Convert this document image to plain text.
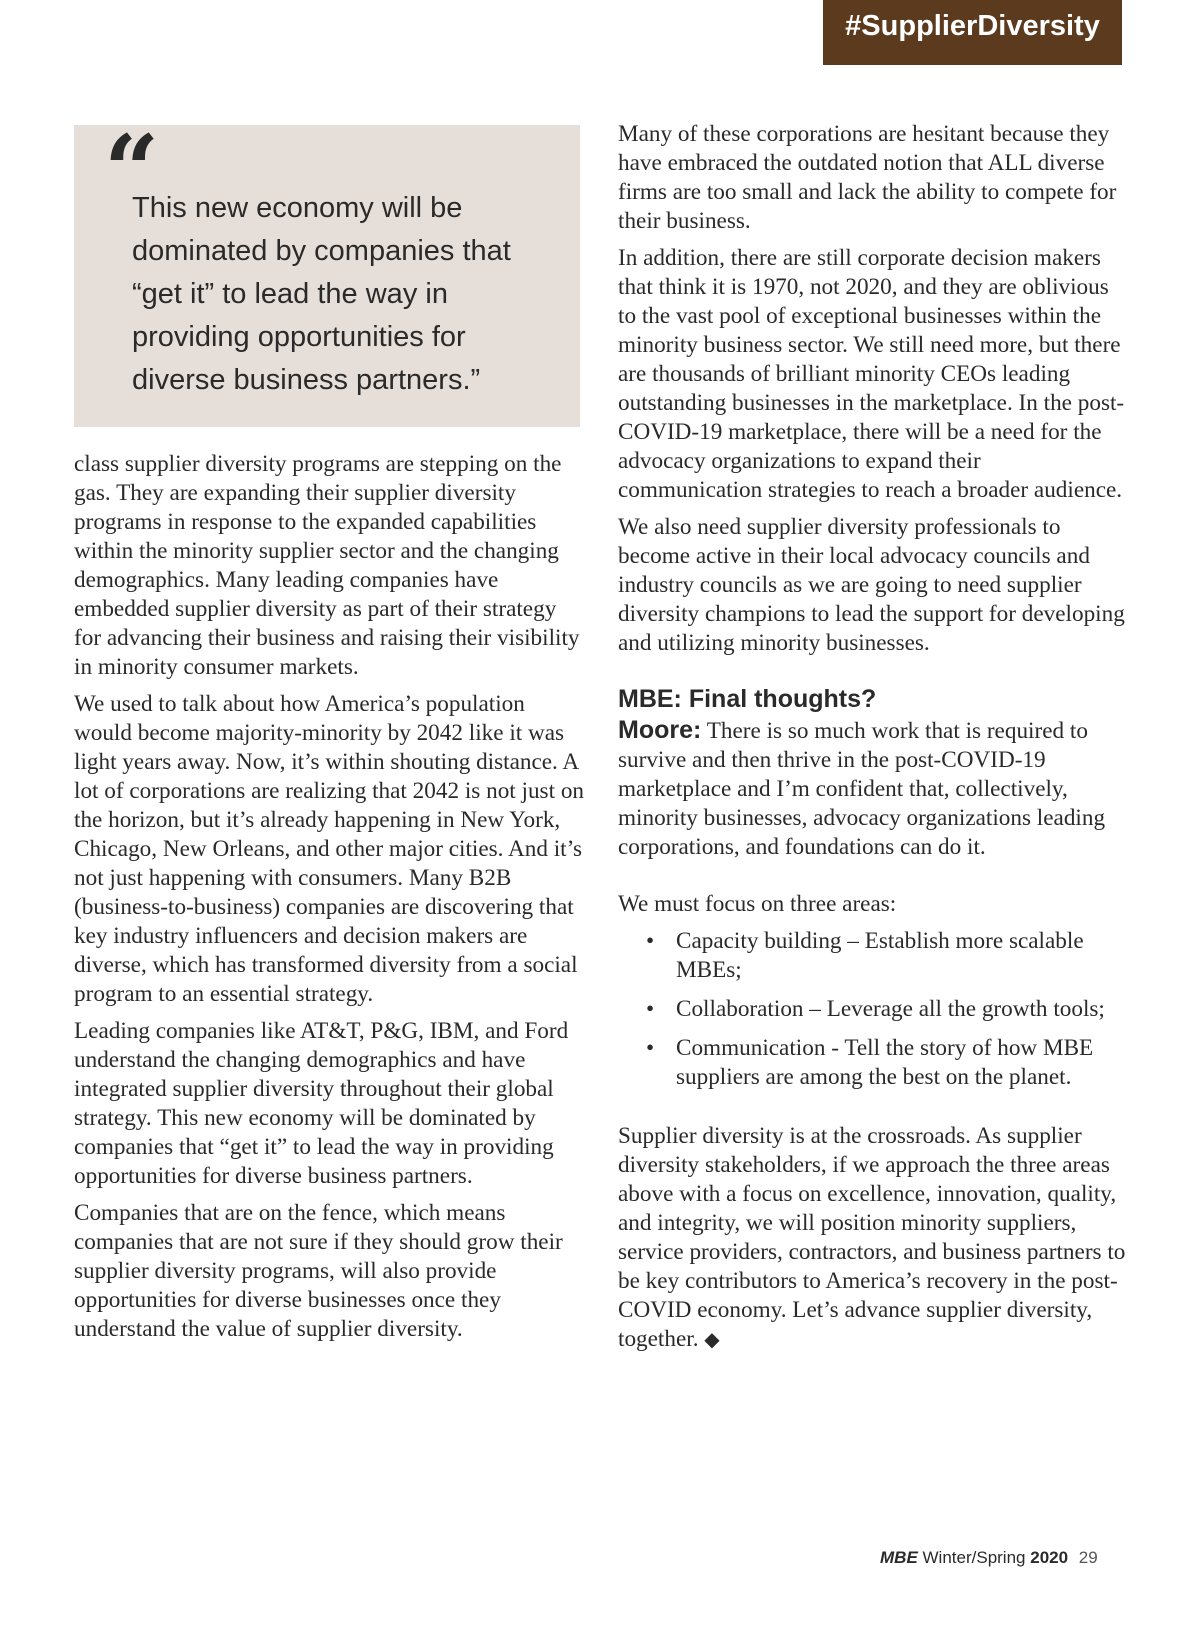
#SupplierDiversity
“
This new economy will be dominated by companies that “get it” to lead the way in providing opportunities for diverse business partners.”

class supplier diversity programs are stepping on the gas. They are expanding their supplier diversity programs in response to the expanded capabilities within the minority supplier sector and the changing demographics. Many leading companies have embedded supplier diversity as part of their strategy for advancing their business and raising their visibility in minority consumer markets.

We used to talk about how America’s population would become majority-minority by 2042 like it was light years away. Now, it’s within shouting distance. A lot of corporations are realizing that 2042 is not just on the horizon, but it’s already happening in New York, Chicago, New Orleans, and other major cities. And it’s not just happening with consumers. Many B2B (business-to-business) companies are discovering that key industry influencers and decision makers are diverse, which has transformed diversity from a social program to an essential strategy.

Leading companies like AT&T, P&G, IBM, and Ford understand the changing demographics and have integrated supplier diversity throughout their global strategy. This new economy will be dominated by companies that “get it” to lead the way in providing opportunities for diverse business partners.

Companies that are on the fence, which means companies that are not sure if they should grow their supplier diversity programs, will also provide opportunities for diverse businesses once they understand the value of supplier diversity.

Many of these corporations are hesitant because they have embraced the outdated notion that ALL diverse firms are too small and lack the ability to compete for their business.

In addition, there are still corporate decision makers that think it is 1970, not 2020, and they are oblivious to the vast pool of exceptional businesses within the minority business sector. We still need more, but there are thousands of brilliant minority CEOs leading outstanding businesses in the marketplace. In the post-COVID-19 marketplace, there will be a need for the advocacy organizations to expand their communication strategies to reach a broader audience.

We also need supplier diversity professionals to become active in their local advocacy councils and industry councils as we are going to need supplier diversity champions to lead the support for developing and utilizing minority businesses.

MBE: Final thoughts?

Moore: There is so much work that is required to survive and then thrive in the post-COVID-19 marketplace and I’m confident that, collectively, minority businesses, advocacy organizations leading corporations, and foundations can do it.

We must focus on three areas:

• Capacity building – Establish more scalable MBEs;
• Collaboration – Leverage all the growth tools;
• Communication - Tell the story of how MBE suppliers are among the best on the planet.

Supplier diversity is at the crossroads. As supplier diversity stakeholders, if we approach the three areas above with a focus on excellence, innovation, quality, and integrity, we will position minority suppliers, service providers, contractors, and business partners to be key contributors to America’s recovery in the post-COVID economy. Let’s advance supplier diversity, together. ◆

MBE Winter/Spring 2020 29
